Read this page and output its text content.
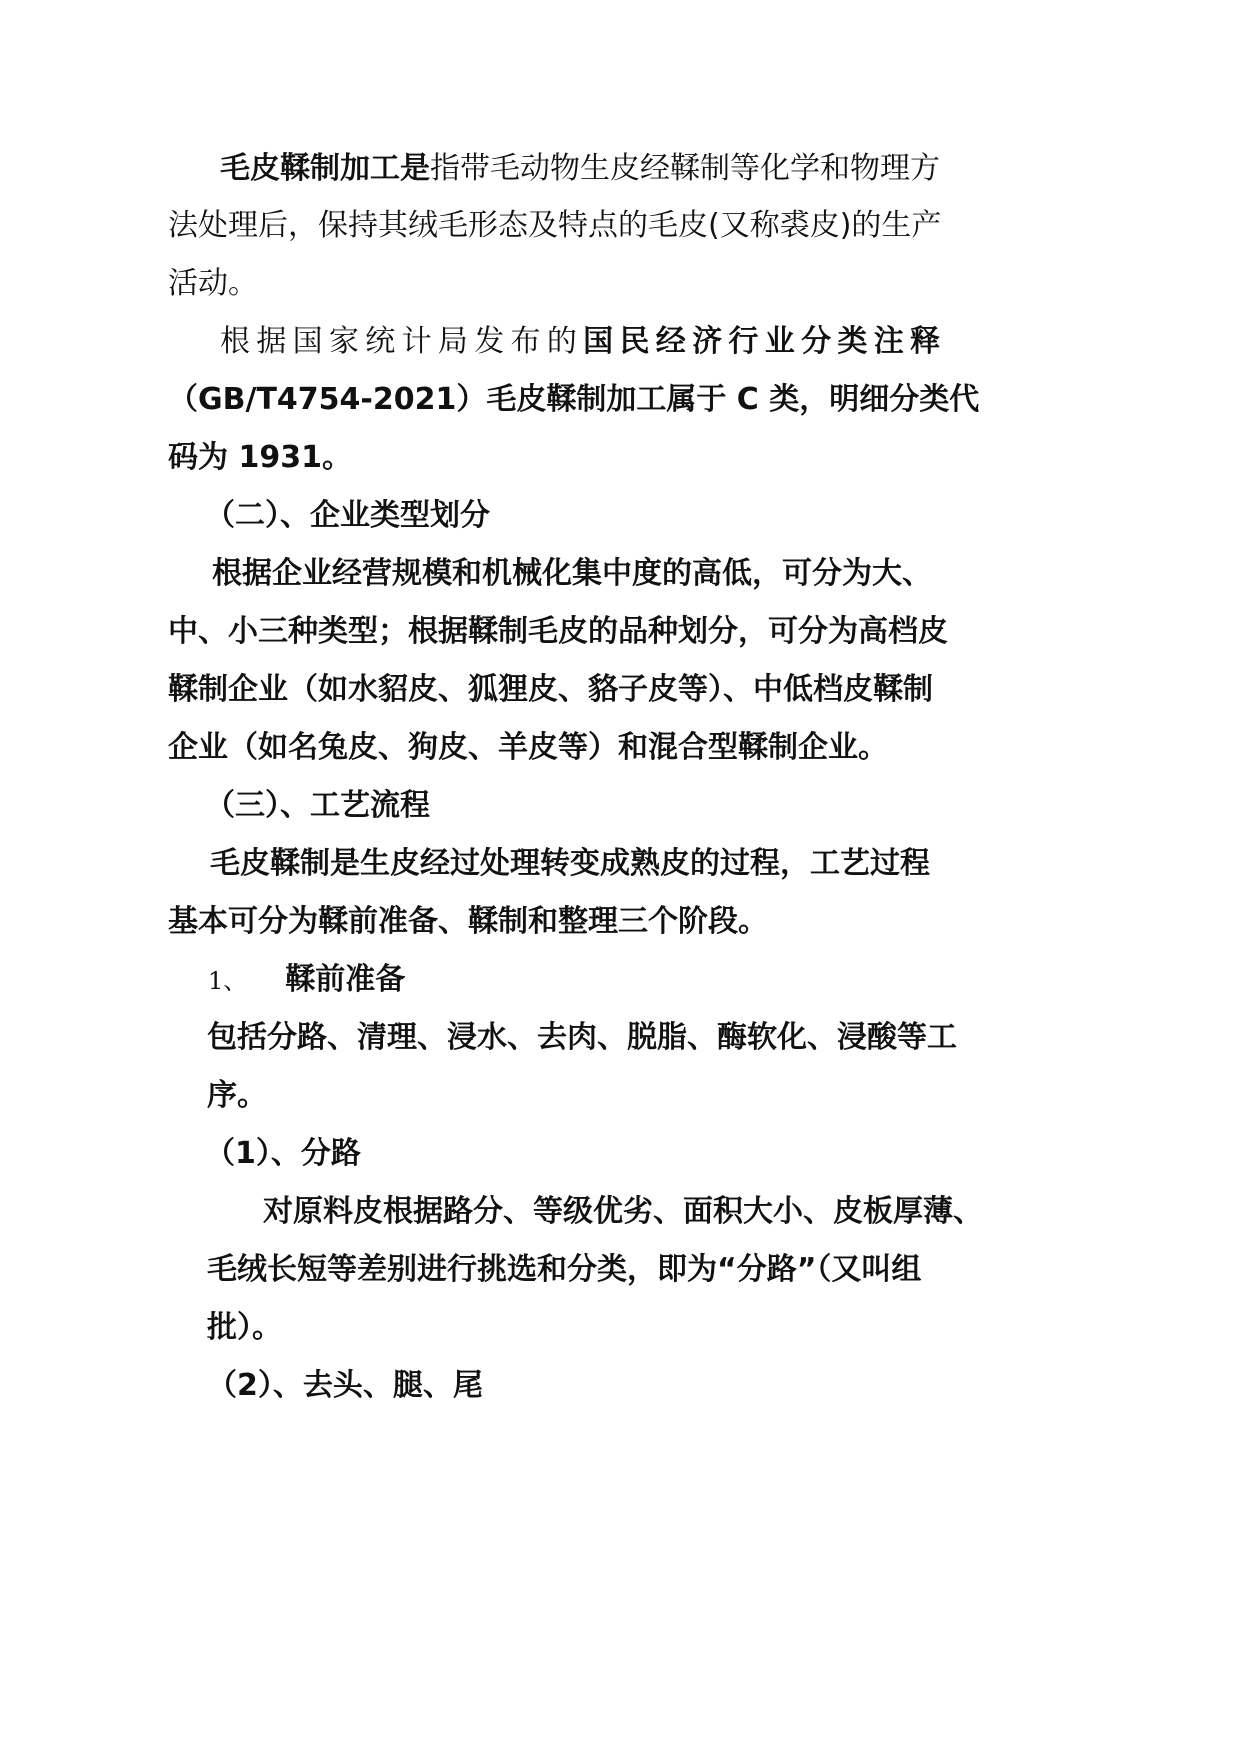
毛皮鞣制加工是指带毛动物生皮经鞣制等化学和物理方
法处理后，保持其绒毛形态及特点的毛皮(又称裘皮)的生产
活动。
根据国家统计局发布的国民经济行业分类注释
（GB/T4754-2021）毛皮鞣制加工属于 C 类，明细分类代
码为 1931。
（二）、企业类型划分
根据企业经营规模和机械化集中度的高低，可分为大、
中、小三种类型；根据鞣制毛皮的品种划分，可分为高档皮
鞣制企业（如水貂皮、狐狸皮、貉子皮等）、中低档皮鞣制
企业（如名兔皮、狗皮、羊皮等）和混合型鞣制企业。
（三）、工艺流程
毛皮鞣制是生皮经过处理转变成熟皮的过程，工艺过程
基本可分为鞣前准备、鞣制和整理三个阶段。
1、 鞣前准备
包括分路、清理、浸水、去肉、脱脂、酶软化、浸酸等工
序。
（1）、分路
对原料皮根据路分、等级优劣、面积大小、皮板厚薄、
毛绒长短等差别进行挑选和分类，即为“分路”（又叫组
批）。
（2）、去头、腿、尾
